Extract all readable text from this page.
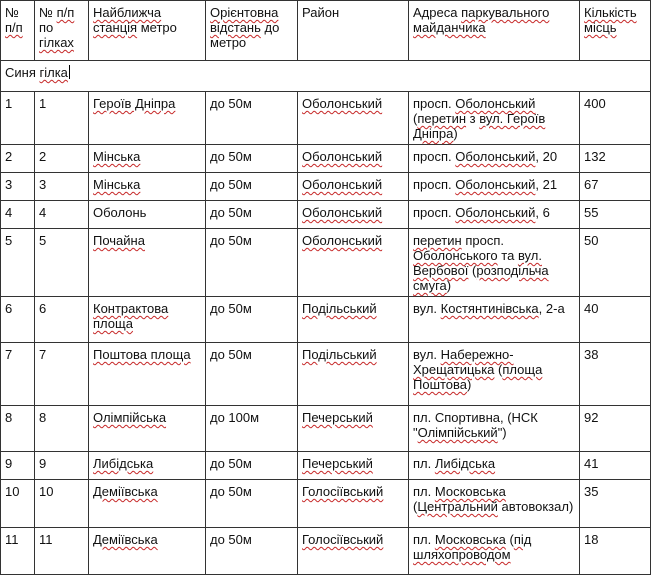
№ п/п	№ п/п по гілках	Найближча станція метро	Орієнтовна відстань до метро	Район	Адреса паркувального майданчика	Кількість місць
Синя гілка						
1	1	Героїв Дніпра	до 50м	Оболонський	просп. Оболонський (перетин з вул. Героїв Дніпра)	400
2	2	Мінська	до 50м	Оболонський	просп. Оболонський, 20	132
3	3	Мінська	до 50м	Оболонський	просп. Оболонський, 21	67
4	4	Оболонь	до 50м	Оболонський	просп. Оболонський, 6	55
5	5	Почайна	до 50м	Оболонський	перетин просп. Оболонського та вул. Вербової (розподільча смуга)	50
6	6	Контрактова площа	до 50м	Подільський	вул. Костянтинівська, 2-а	40
7	7	Поштова площа	до 50м	Подільський	вул. Набережно-Хрещатицька (площа Поштова)	38
8	8	Олімпійська	до 100м	Печерський	пл. Спортивна, (НСК "Олімпійський")	92
9	9	Либідська	до 50м	Печерський	пл. Либідська	41
10	10	Деміївська	до 50м	Голосіївський	пл. Московська (Центральний автовокзал)	35
11	11	Деміївська	до 50м	Голосіївський	пл. Московська (під шляхопроводом	18
